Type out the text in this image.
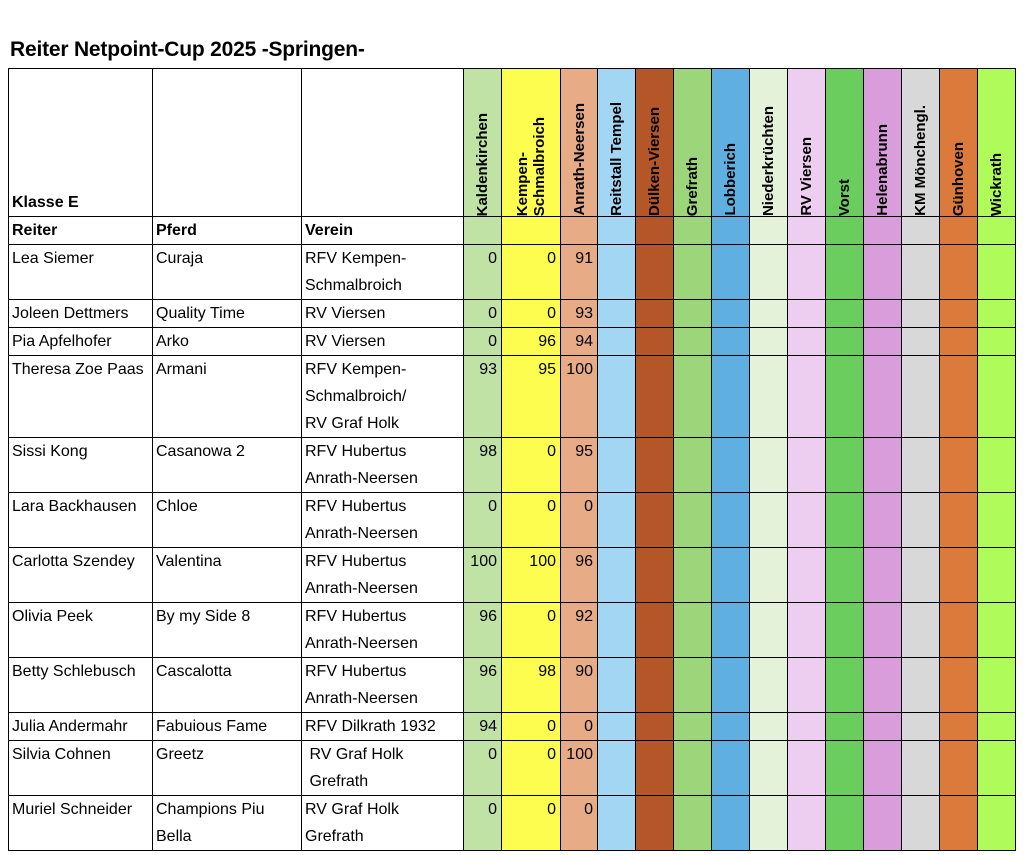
Reiter Netpoint-Cup 2025 -Springen-
Klasse E			Kaldenkirchen	Kempen-
Schmalbroich	Anrath-Neersen	Reitstall Tempel	Dülken-Viersen	Grefrath	Lobberich	Niederkrüchten	RV Viersen	Vorst	Helenabrunn	KM Mönchengl.	Günhoven	Wickrath

Reiter	Pferd	Verein														
Lea Siemer	Curaja	RFV Kempen-
Schmalbroich	0	0	91											
Joleen Dettmers	Quality Time	RV Viersen	0	0	93											
Pia Apfelhofer	Arko	RV Viersen	0	96	94											
Theresa Zoe Paas	Armani	RFV Kempen-
Schmalbroich/
RV Graf Holk	93	95	100											
Sissi Kong	Casanowa 2	RFV Hubertus
Anrath-Neersen	98	0	95											
Lara Backhausen	Chloe	RFV Hubertus
Anrath-Neersen	0	0	0											
Carlotta Szendey	Valentina	RFV Hubertus
Anrath-Neersen	100	100	96											
Olivia Peek	By my Side 8	RFV Hubertus
Anrath-Neersen	96	0	92											
Betty Schlebusch	Cascalotta	RFV Hubertus
Anrath-Neersen	96	98	90											
Julia Andermahr	Fabuious Fame	RFV Dilkrath 1932	94	0	0											
Silvia Cohnen	Greetz	RV Graf Holk
Grefrath	0	0	100											
Muriel Schneider	Champions Piu
Bella	RV Graf Holk
Grefrath	0	0	0											
